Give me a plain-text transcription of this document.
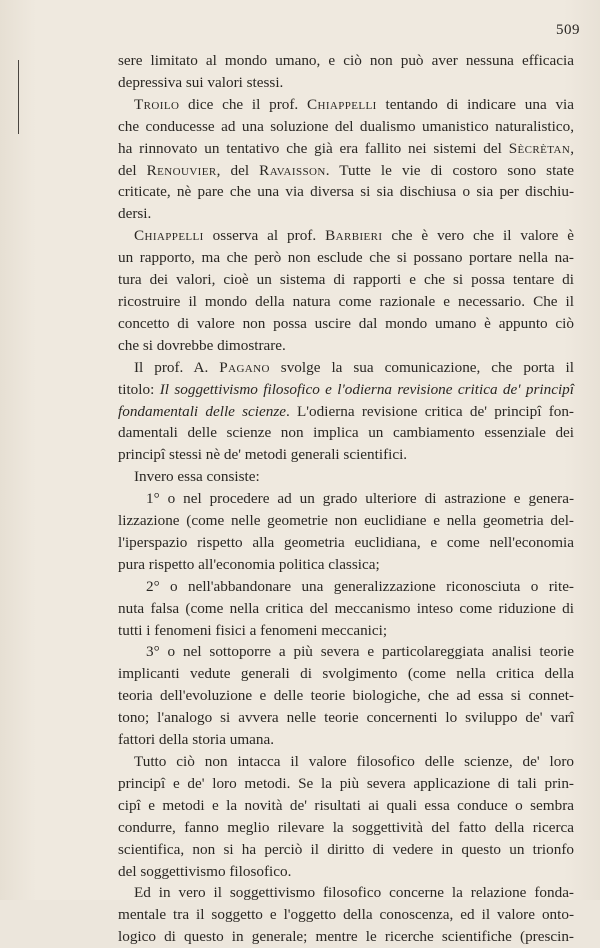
509

sere limitato al mondo umano, e ciò non può aver nessuna efficacia
depressiva sui valori stessi.

Troilo dice che il prof. Chiappelli tentando di indicare una via
che conducesse ad una soluzione del dualismo umanistico naturalistico,
ha rinnovato un tentativo che già era fallito nei sistemi del Sècrètan,
del Renouvier, del Ravaisson. Tutte le vie di costoro sono state
criticate, nè pare che una via diversa si sia dischiusa o sia per dischiu-
dersi.

Chiappelli osserva al prof. Barbieri che è vero che il valore è
un rapporto, ma che però non esclude che si possano portare nella na-
tura dei valori, cioè un sistema di rapporti e che si possa tentare di
ricostruire il mondo della natura come razionale e necessario. Che il
concetto di valore non possa uscire dal mondo umano è appunto ciò
che si dovrebbe dimostrare.

Il prof. A. Pagano svolge la sua comunicazione, che porta il
titolo: Il soggettivismo filosofico e l'odierna revisione critica de' principî
fondamentali delle scienze. L'odierna revisione critica de' principî fon-
damentali delle scienze non implica un cambiamento essenziale dei
principî stessi nè de' metodi generali scientifici.

Invero essa consiste:

1° o nel procedere ad un grado ulteriore di astrazione e genera-
lizzazione (come nelle geometrie non euclidiane e nella geometria del-
l'iperspazio rispetto alla geometria euclidiana, e come nell'economia
pura rispetto all'economia politica classica;

2° o nell'abbandonare una generalizzazione riconosciuta o rite-
nuta falsa (come nella critica del meccanismo inteso come riduzione di
tutti i fenomeni fisici a fenomeni meccanici;

3° o nel sottoporre a più severa e particolareggiata analisi teorie
implicanti vedute generali di svolgimento (come nella critica della
teoria dell'evoluzione e delle teorie biologiche, che ad essa si connet-
tono; l'analogo si avvera nelle teorie concernenti lo sviluppo de' varî
fattori della storia umana.

Tutto ciò non intacca il valore filosofico delle scienze, de' loro
principî e de' loro metodi. Se la più severa applicazione di tali prin-
cipî e metodi e la novità de' risultati ai quali essa conduce o sembra
condurre, fanno meglio rilevare la soggettività del fatto della ricerca
scientifica, non si ha perciò il diritto di vedere in questo un trionfo
del soggettivismo filosofico.

Ed in vero il soggettivismo filosofico concerne la relazione fonda-
mentale tra il soggetto e l'oggetto della conoscenza, ed il valore onto-
logico di questo in generale; mentre le ricerche scientifiche (prescin-
